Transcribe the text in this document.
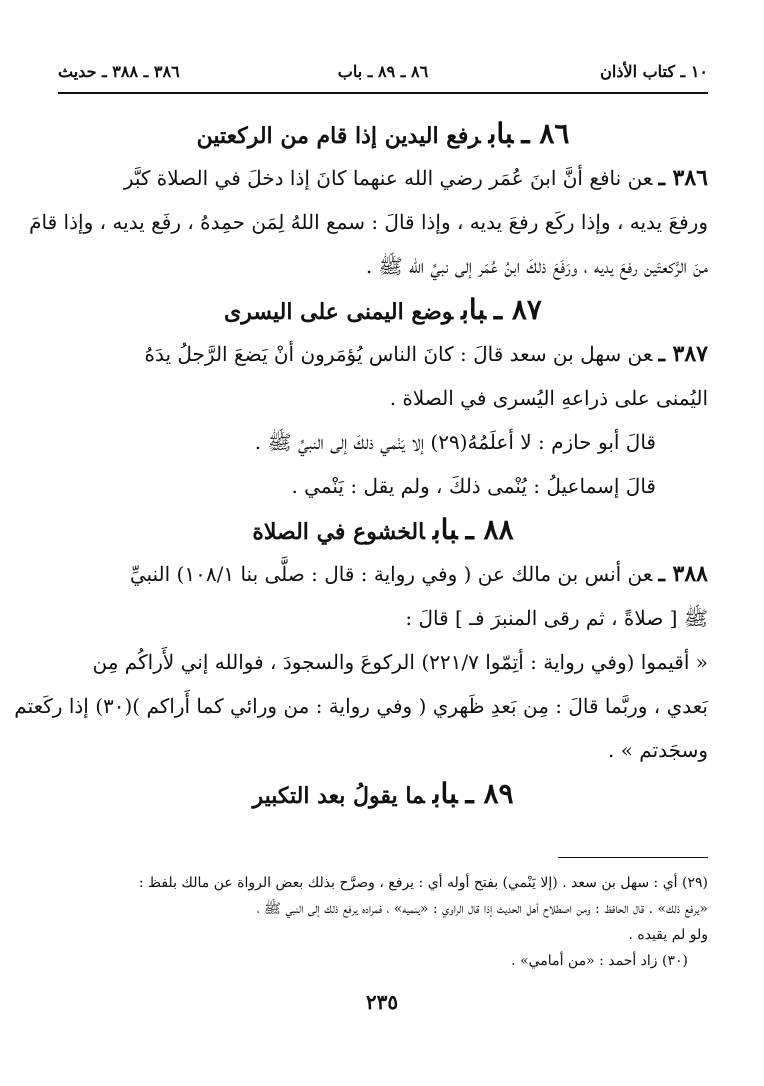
١٠ ـ كتاب الأذان
٨٦ ـ ٨٩ ـ باب
٣٨٦ ـ ٣٨٨ ـ حديث
٨٦ ـبابرفع اليدين إذا قام من الركعتين
٣٨٦ ـعن نافع أنَّ ابنَ عُمَر رضي الله عنهما كانَ إذا دخلَ في الصلاة كبَّر
ورفعَ يديه ، وإذا ركَع رفعَ يديه ، وإذا قالَ : سمع اللهُ لِمَن حمِدهُ ، رفَع يديه ، وإذا قامَ
منَ الرَّكعتَين رفعَ يديه ، ورَفَعَ ذلكَ ابنُ عُمَر إلى نبيِّ الله ﷺ .
٨٧ ـبابوضع اليمنى على اليسرى
٣٨٧ ـعن سهل بن سعد قالَ : كانَ الناس يُؤمَرون أنْ يَضعَ الرَّجلُ يدَهُ
اليُمنى على ذراعهِ اليُسرى في الصلاة .
قالَ أبو حازم : لا أعلَمُهُ(٢٩) إلا يَنْمي ذلكَ إلى النبيِّ ﷺ .
قالَ إسماعيلُ : يُنْمى ذلكَ ، ولم يقل : يَنْمي .
٨٨ ـبابالخشوع في الصلاة
٣٨٨ ـعن أنس بن مالك عن ( وفي رواية : قال : صلَّى بنا ١٠٨/١) النبيِّ
ﷺ [ صلاةً ، ثم رقى المنبرَ فـ ] قالَ :
« أقيموا (وفي رواية : أتِمّوا ٢٢١/٧) الركوعَ والسجودَ ، فوالله إني لأَراكُم مِن
بَعدي ، وربَّما قالَ : مِن بَعدِ ظَهري ( وفي رواية : من ورائي كما أَراكم )(٣٠) إذا ركَعتم
وسجَدتم » .
٨٩ ـبابما يقولُ بعد التكبير
(٢٩) أي : سهل بن سعد . (إلا يَنْمي) بفتح أوله أي : يرفع ، وصرَّح بذلك بعض الرواة عن مالك بلفظ :
«يرفع ذلك» . قال الحافظ : ومن اصطلاح أهل الحديث إذا قال الراوي : «ينميه» ، فمراده يرفع ذلك إلى النبي ﷺ ،
ولو لم يقيده .
(٣٠) زاد أحمد : «من أمامي» .
٢٣٥
